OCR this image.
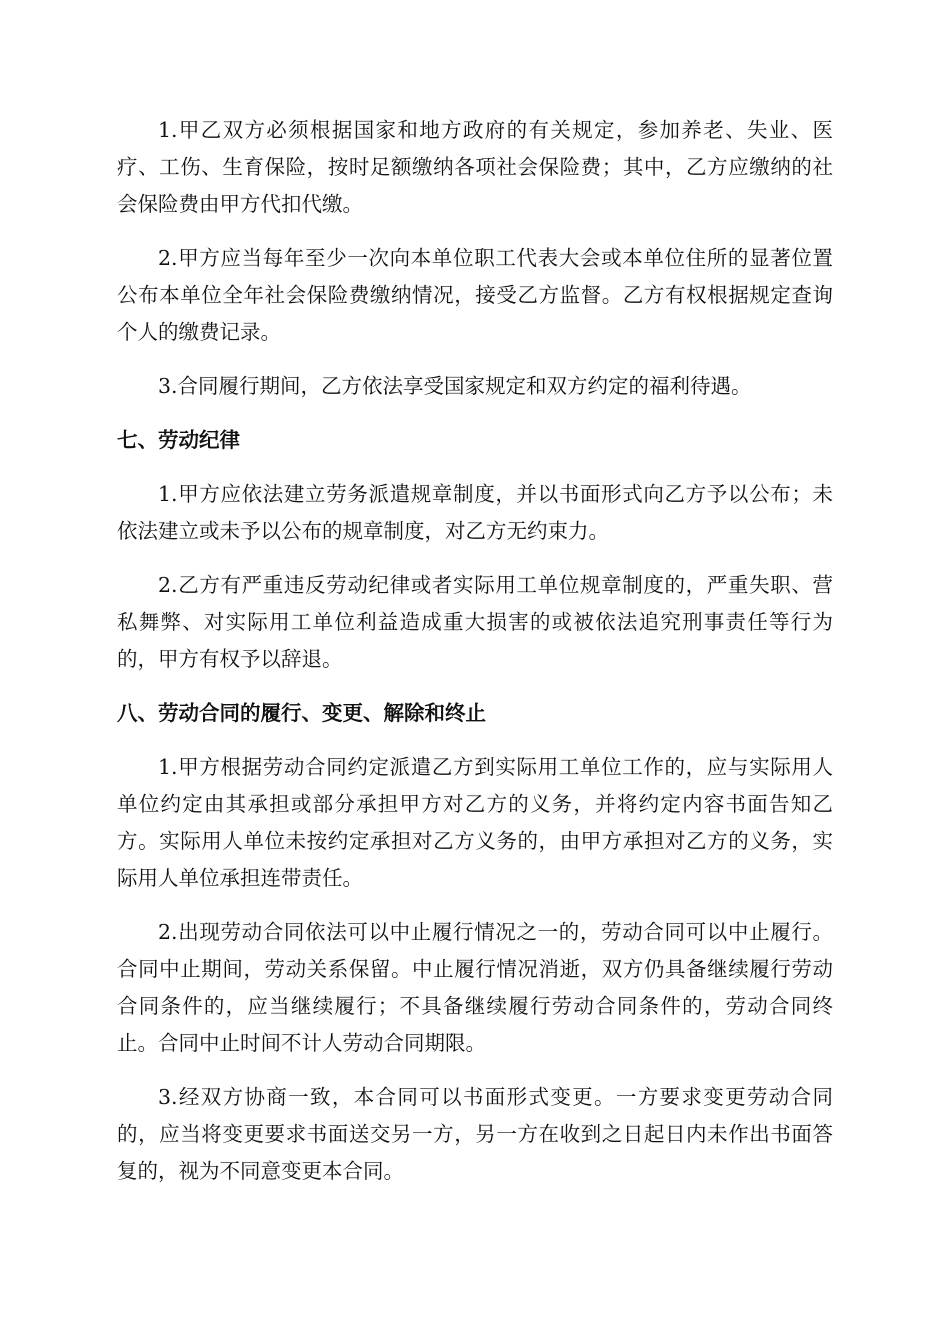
1.甲乙双方必须根据国家和地方政府的有关规定，参加养老、失业、医疗、工伤、生育保险，按时足额缴纳各项社会保险费；其中，乙方应缴纳的社会保险费由甲方代扣代缴。

2.甲方应当每年至少一次向本单位职工代表大会或本单位住所的显著位置公布本单位全年社会保险费缴纳情况，接受乙方监督。乙方有权根据规定查询个人的缴费记录。

3.合同履行期间，乙方依法享受国家规定和双方约定的福利待遇。

七、劳动纪律

1.甲方应依法建立劳务派遣规章制度，并以书面形式向乙方予以公布；未依法建立或未予以公布的规章制度，对乙方无约束力。

2.乙方有严重违反劳动纪律或者实际用工单位规章制度的，严重失职、营私舞弊、对实际用工单位利益造成重大损害的或被依法追究刑事责任等行为的，甲方有权予以辞退。

八、劳动合同的履行、变更、解除和终止

1.甲方根据劳动合同约定派遣乙方到实际用工单位工作的，应与实际用人单位约定由其承担或部分承担甲方对乙方的义务，并将约定内容书面告知乙方。实际用人单位未按约定承担对乙方义务的，由甲方承担对乙方的义务，实际用人单位承担连带责任。

2.出现劳动合同依法可以中止履行情况之一的，劳动合同可以中止履行。合同中止期间，劳动关系保留。中止履行情况消逝，双方仍具备继续履行劳动合同条件的，应当继续履行；不具备继续履行劳动合同条件的，劳动合同终止。合同中止时间不计人劳动合同期限。

3.经双方协商一致，本合同可以书面形式变更。一方要求变更劳动合同的，应当将变更要求书面送交另一方，另一方在收到之日起日内未作出书面答复的，视为不同意变更本合同。
